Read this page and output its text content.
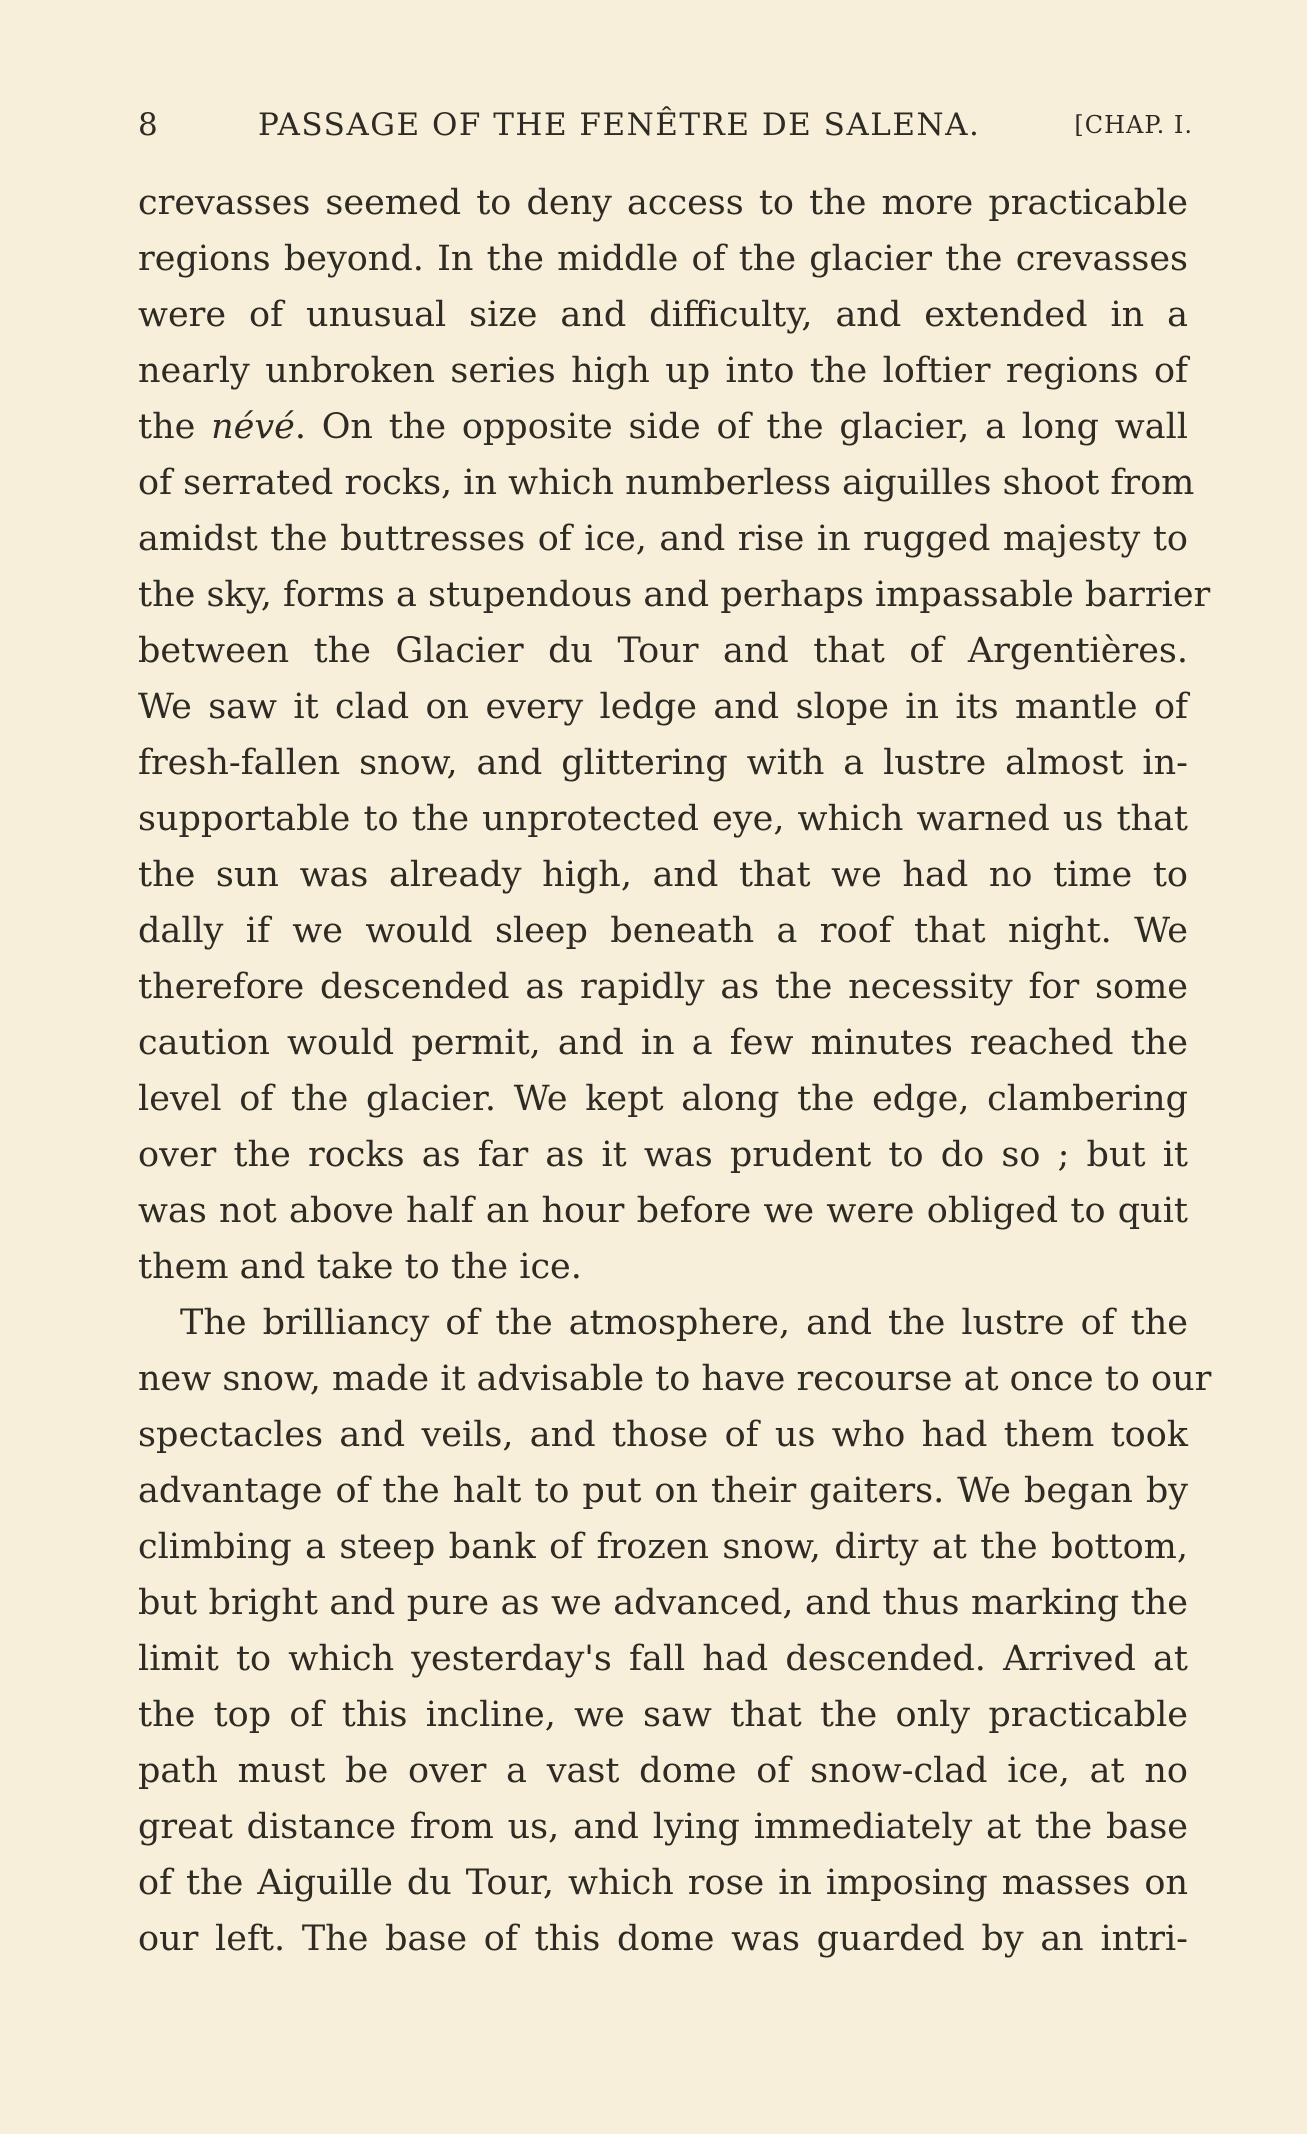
8	PASSAGE OF THE FENÊTRE DE SALENA.	[CHAP. I.
crevasses seemed to deny access to the more practicable
regions beyond. In the middle of the glacier the crevasses
were of unusual size and difficulty, and extended in a
nearly unbroken series high up into the loftier regions of
the névé. On the opposite side of the glacier, a long wall
of serrated rocks, in which numberless aiguilles shoot from
amidst the buttresses of ice, and rise in rugged majesty to
the sky, forms a stupendous and perhaps impassable barrier
between the Glacier du Tour and that of Argentières.
We saw it clad on every ledge and slope in its mantle of
fresh-fallen snow, and glittering with a lustre almost in-
supportable to the unprotected eye, which warned us that
the sun was already high, and that we had no time to
dally if we would sleep beneath a roof that night. We
therefore descended as rapidly as the necessity for some
caution would permit, and in a few minutes reached the
level of the glacier. We kept along the edge, clambering
over the rocks as far as it was prudent to do so ; but it
was not above half an hour before we were obliged to quit
them and take to the ice.
The brilliancy of the atmosphere, and the lustre of the
new snow, made it advisable to have recourse at once to our
spectacles and veils, and those of us who had them took
advantage of the halt to put on their gaiters. We began by
climbing a steep bank of frozen snow, dirty at the bottom,
but bright and pure as we advanced, and thus marking the
limit to which yesterday's fall had descended. Arrived at
the top of this incline, we saw that the only practicable
path must be over a vast dome of snow-clad ice, at no
great distance from us, and lying immediately at the base
of the Aiguille du Tour, which rose in imposing masses on
our left. The base of this dome was guarded by an intri-
